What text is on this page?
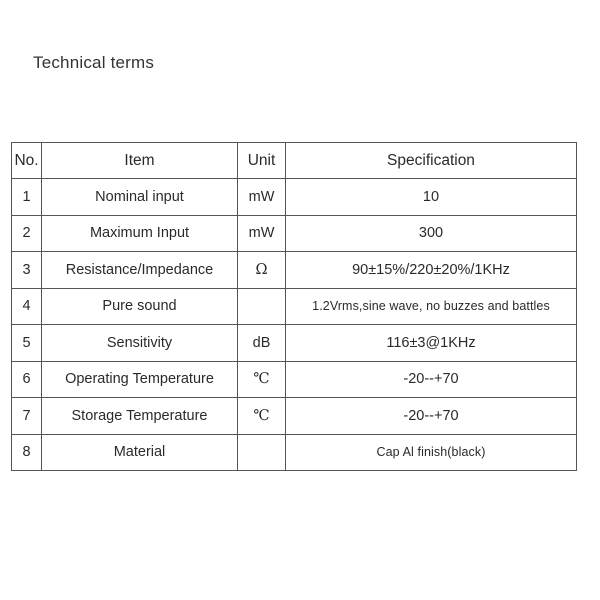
Technical terms
No.	Item	Unit	Specification
1	Nominal input	mW	10
2	Maximum Input	mW	300
3	Resistance/Impedance	Ω	90±15%/220±20%/1KHz
4	Pure sound		1.2Vrms,sine wave, no buzzes and battles
5	Sensitivity	dB	116±3@1KHz
6	Operating Temperature	℃	-20--+70
7	Storage Temperature	℃	-20--+70
8	Material		Cap Al finish(black)
